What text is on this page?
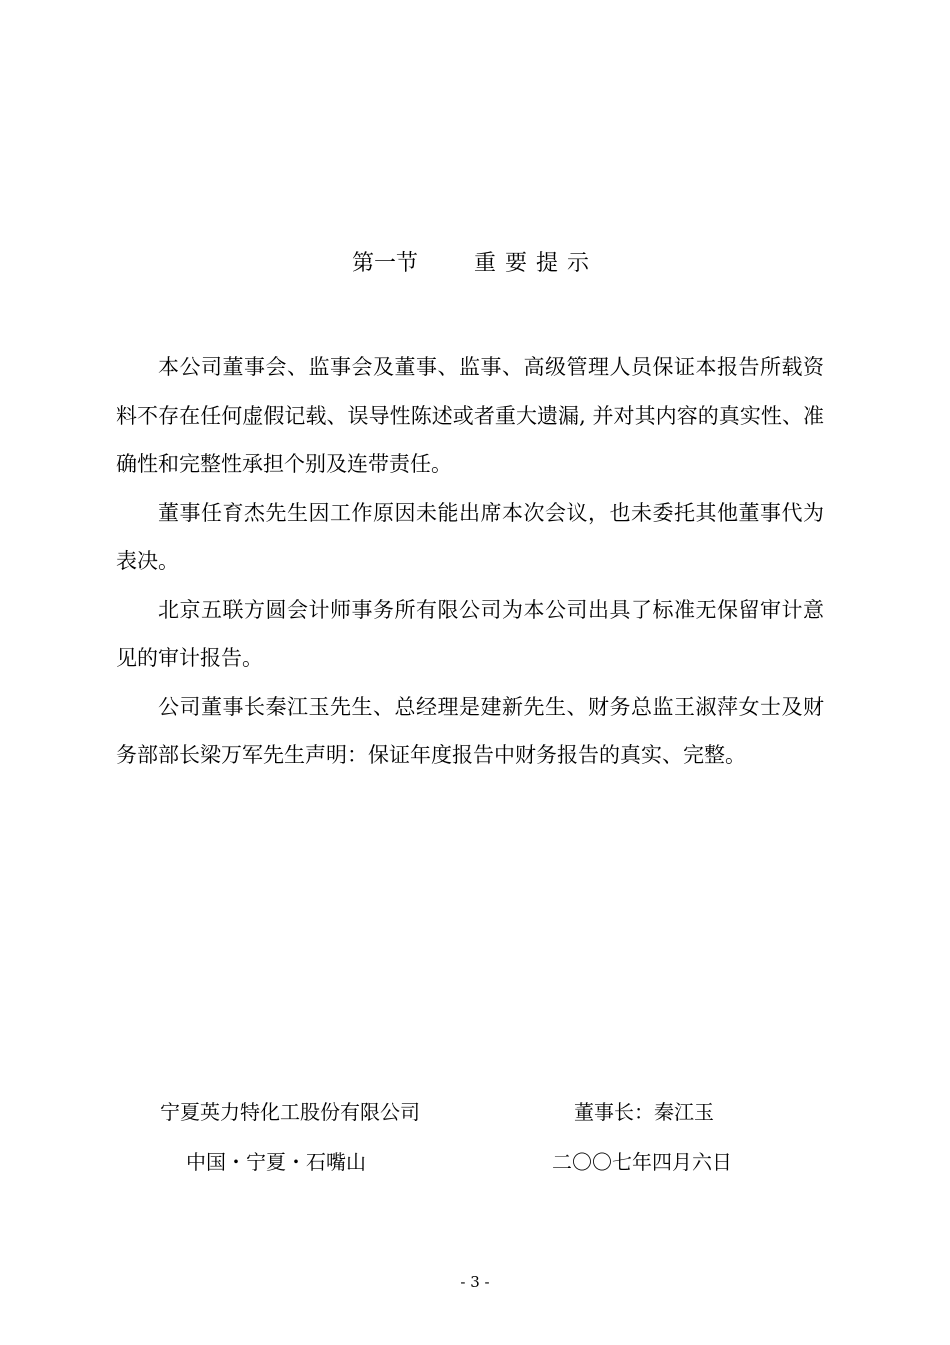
第一节	重要提示

本公司董事会、监事会及董事、监事、高级管理人员保证本报告所载资料不存在任何虚假记载、误导性陈述或者重大遗漏, 并对其内容的真实性、准确性和完整性承担个别及连带责任。

董事任育杰先生因工作原因未能出席本次会议，也未委托其他董事代为表决。

北京五联方圆会计师事务所有限公司为本公司出具了标准无保留审计意见的审计报告。

公司董事长秦江玉先生、总经理是建新先生、财务总监王淑萍女士及财务部部长梁万军先生声明：保证年度报告中财务报告的真实、完整。

宁夏英力特化工股份有限公司	董事长：秦江玉
中国・宁夏・石嘴山	二〇〇七年四月六日
- 3 -
